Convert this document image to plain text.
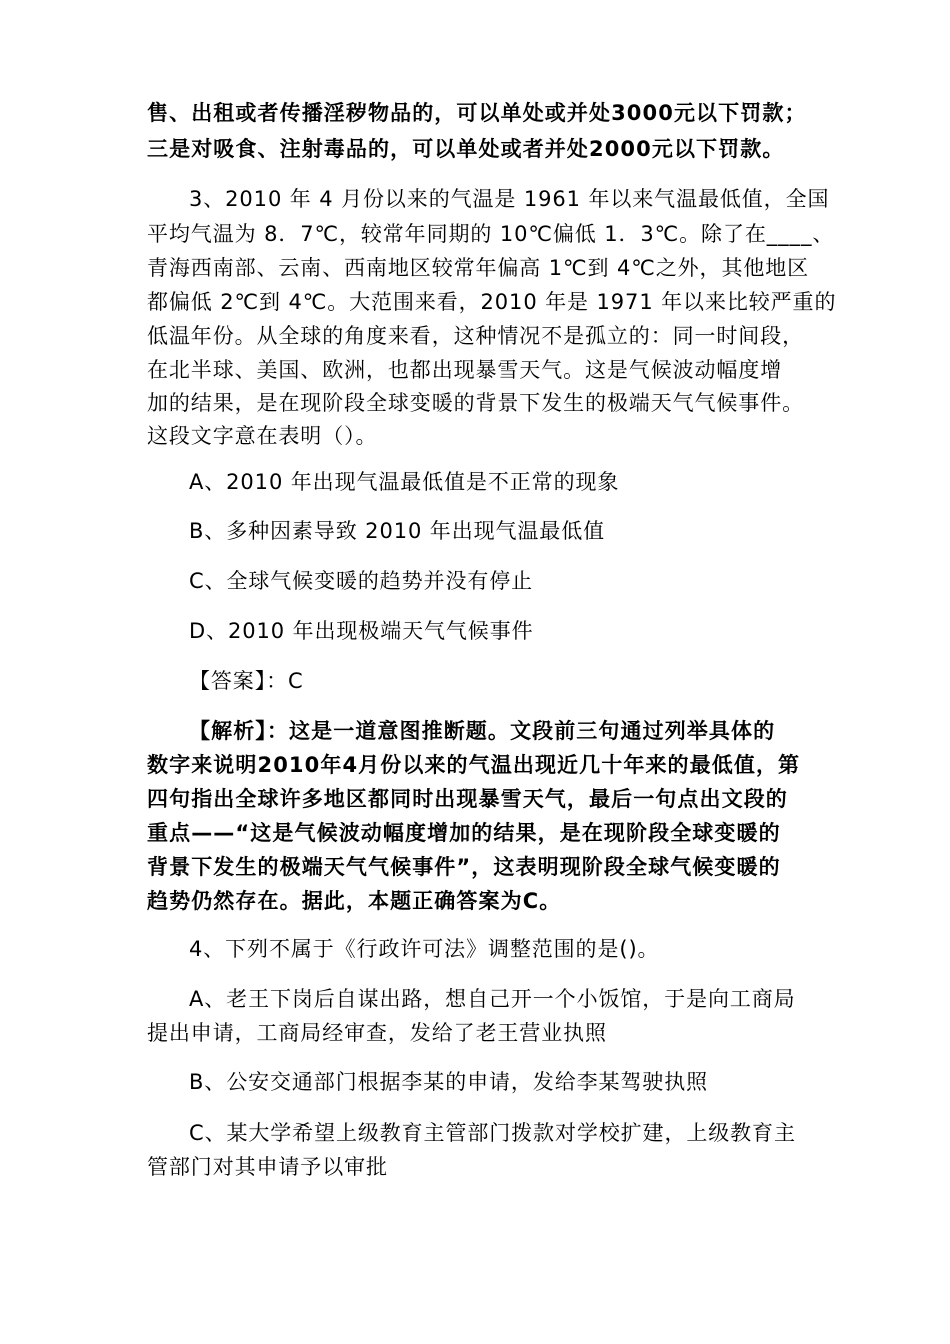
售、出租或者传播淫秽物品的，可以单处或并处3000元以下罚款；
三是对吸食、注射毒品的，可以单处或者并处2000元以下罚款。
3、2010 年 4 月份以来的气温是 1961 年以来气温最低值，全国
平均气温为 8．7℃，较常年同期的 10℃偏低 1．3℃。除了在____、
青海西南部、云南、西南地区较常年偏高 1℃到 4℃之外，其他地区
都偏低 2℃到 4℃。大范围来看，2010 年是 1971 年以来比较严重的
低温年份。从全球的角度来看，这种情况不是孤立的：同一时间段，
在北半球、美国、欧洲，也都出现暴雪天气。这是气候波动幅度增
加的结果，是在现阶段全球变暖的背景下发生的极端天气气候事件。
这段文字意在表明（）。
A、2010 年出现气温最低值是不正常的现象
B、多种因素导致 2010 年出现气温最低值
C、全球气候变暖的趋势并没有停止
D、2010 年出现极端天气气候事件
【答案】：C
【解析】：这是一道意图推断题。文段前三句通过列举具体的
数字来说明2010年4月份以来的气温出现近几十年来的最低值，第
四句指出全球许多地区都同时出现暴雪天气，最后一句点出文段的
重点——“这是气候波动幅度增加的结果，是在现阶段全球变暖的
背景下发生的极端天气气候事件”，这表明现阶段全球气候变暖的
趋势仍然存在。据此，本题正确答案为C。
4、下列不属于《行政许可法》调整范围的是()。
A、老王下岗后自谋出路，想自己开一个小饭馆，于是向工商局
提出申请，工商局经审查，发给了老王营业执照
B、公安交通部门根据李某的申请，发给李某驾驶执照
C、某大学希望上级教育主管部门拨款对学校扩建，上级教育主
管部门对其申请予以审批
